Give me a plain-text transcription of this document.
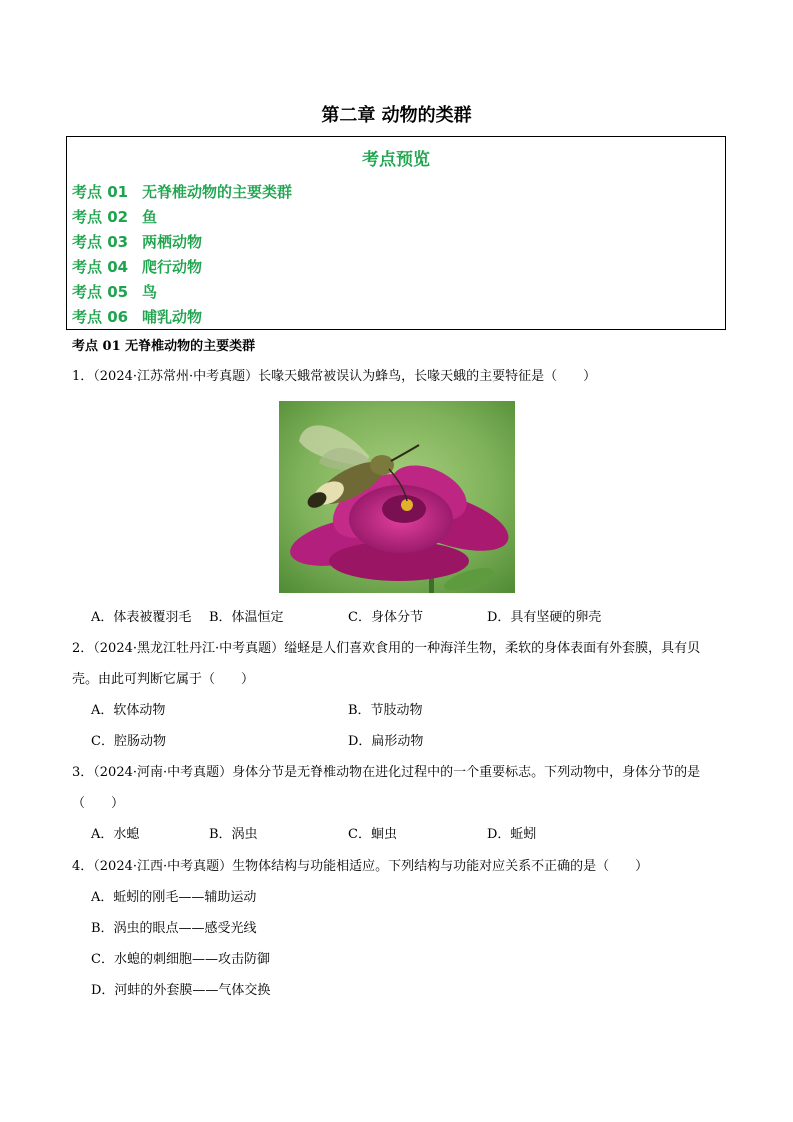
第二章 动物的类群
考点预览
考点 01 无脊椎动物的主要类群
考点 02 鱼
考点 03 两栖动物
考点 04 爬行动物
考点 05 鸟
考点 06 哺乳动物
考点 01 无脊椎动物的主要类群

1．（2024·江苏常州·中考真题）长喙天蛾常被误认为蜂鸟，长喙天蛾的主要特征是（　　）

A．体表被覆羽毛 B．体温恒定	C．身体分节	D．具有坚硬的卵壳

2．（2024·黑龙江牡丹江·中考真题）缢蛏是人们喜欢食用的一种海洋生物，柔软的身体表面有外套膜，具有贝壳。由此可判断它属于（　　）

A．软体动物	B．节肢动物
C．腔肠动物	D．扁形动物

3．（2024·河南·中考真题）身体分节是无脊椎动物在进化过程中的一个重要标志。下列动物中，身体分节的是（　　）

A．水螅	B．涡虫	C．蛔虫	D．蚯蚓

4．（2024·江西·中考真题）生物体结构与功能相适应。下列结构与功能对应关系不正确的是（　　）

A．蚯蚓的刚毛——辅助运动
B．涡虫的眼点——感受光线
C．水螅的刺细胞——攻击防御
D．河蚌的外套膜——气体交换
